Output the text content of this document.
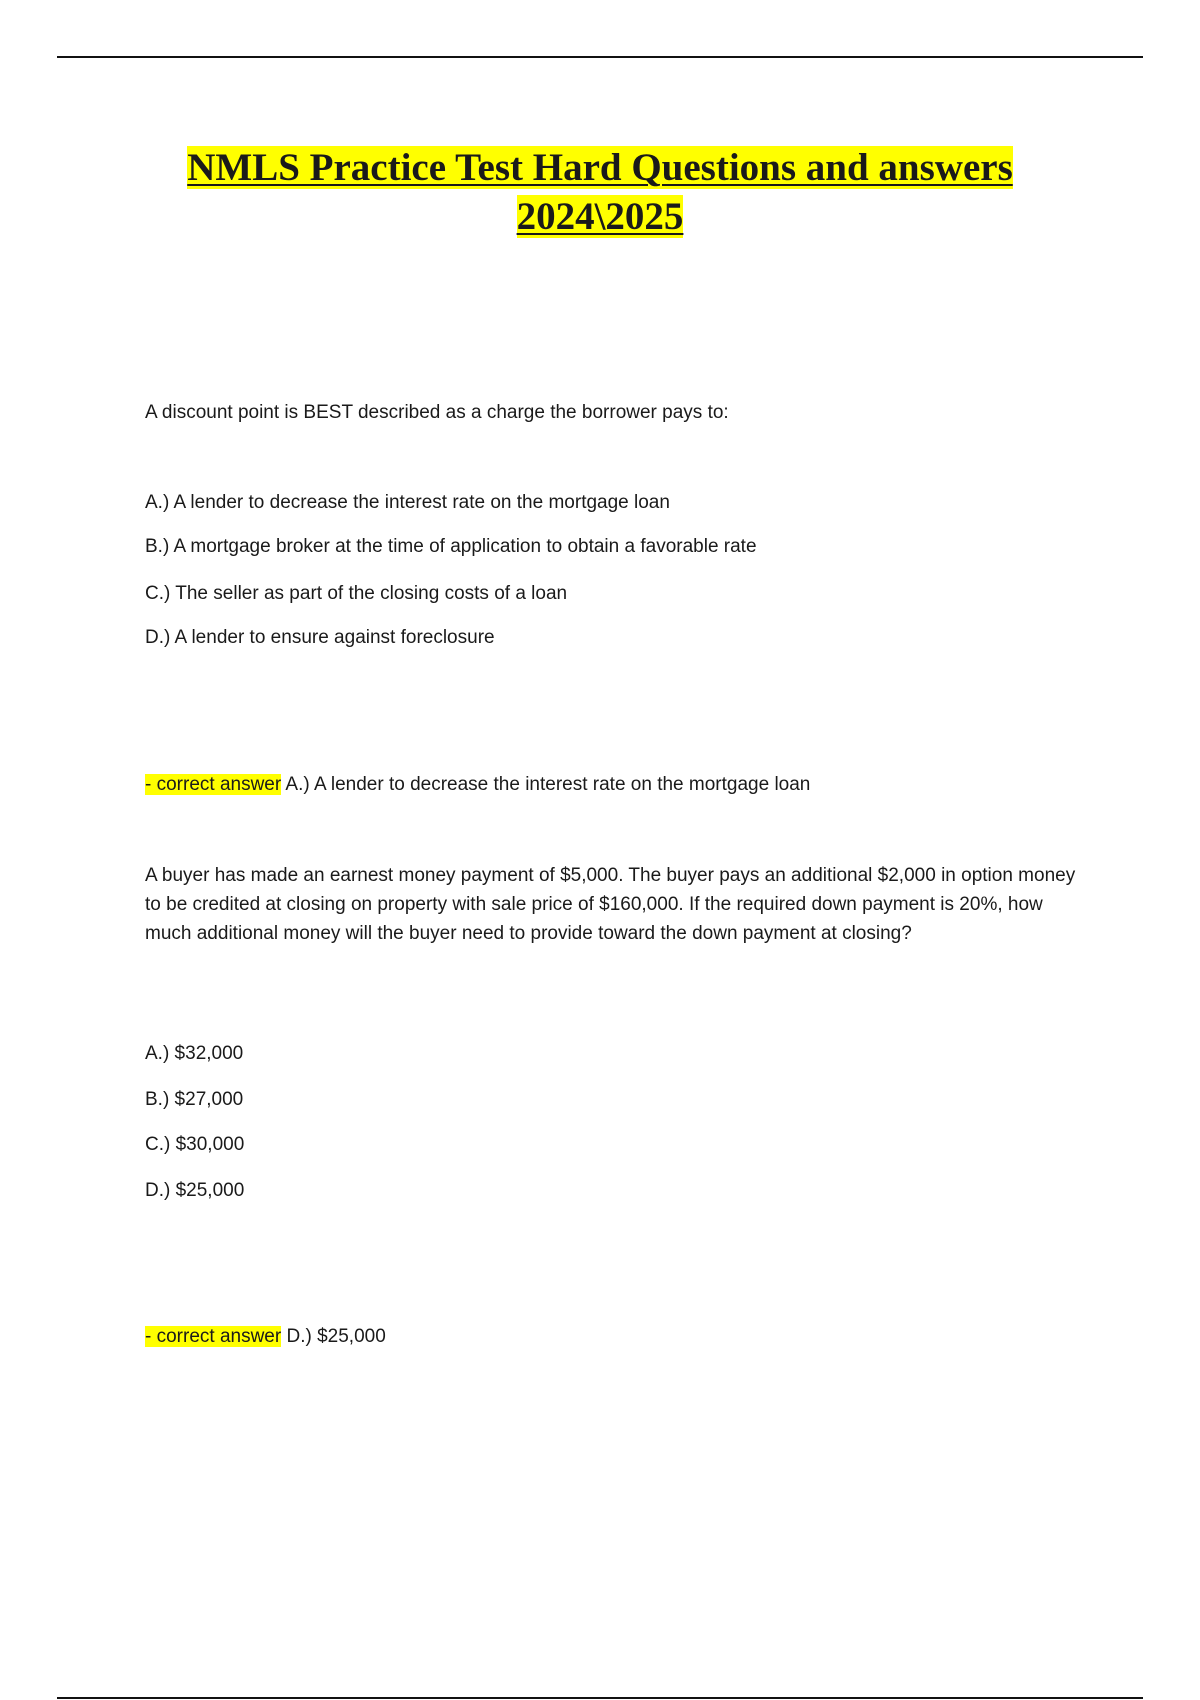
NMLS Practice Test Hard Questions and answers
2024\2025
A discount point is BEST described as a charge the borrower pays to:
A.) A lender to decrease the interest rate on the mortgage loan
B.) A mortgage broker at the time of application to obtain a favorable rate
C.) The seller as part of the closing costs of a loan
D.) A lender to ensure against foreclosure
- correct answer A.) A lender to decrease the interest rate on the mortgage loan
A buyer has made an earnest money payment of $5,000. The buyer pays an additional $2,000 in option money to be credited at closing on property with sale price of $160,000. If the required down payment is 20%, how much additional money will the buyer need to provide toward the down payment at closing?
A.) $32,000
B.) $27,000
C.) $30,000
D.) $25,000
- correct answer D.) $25,000
